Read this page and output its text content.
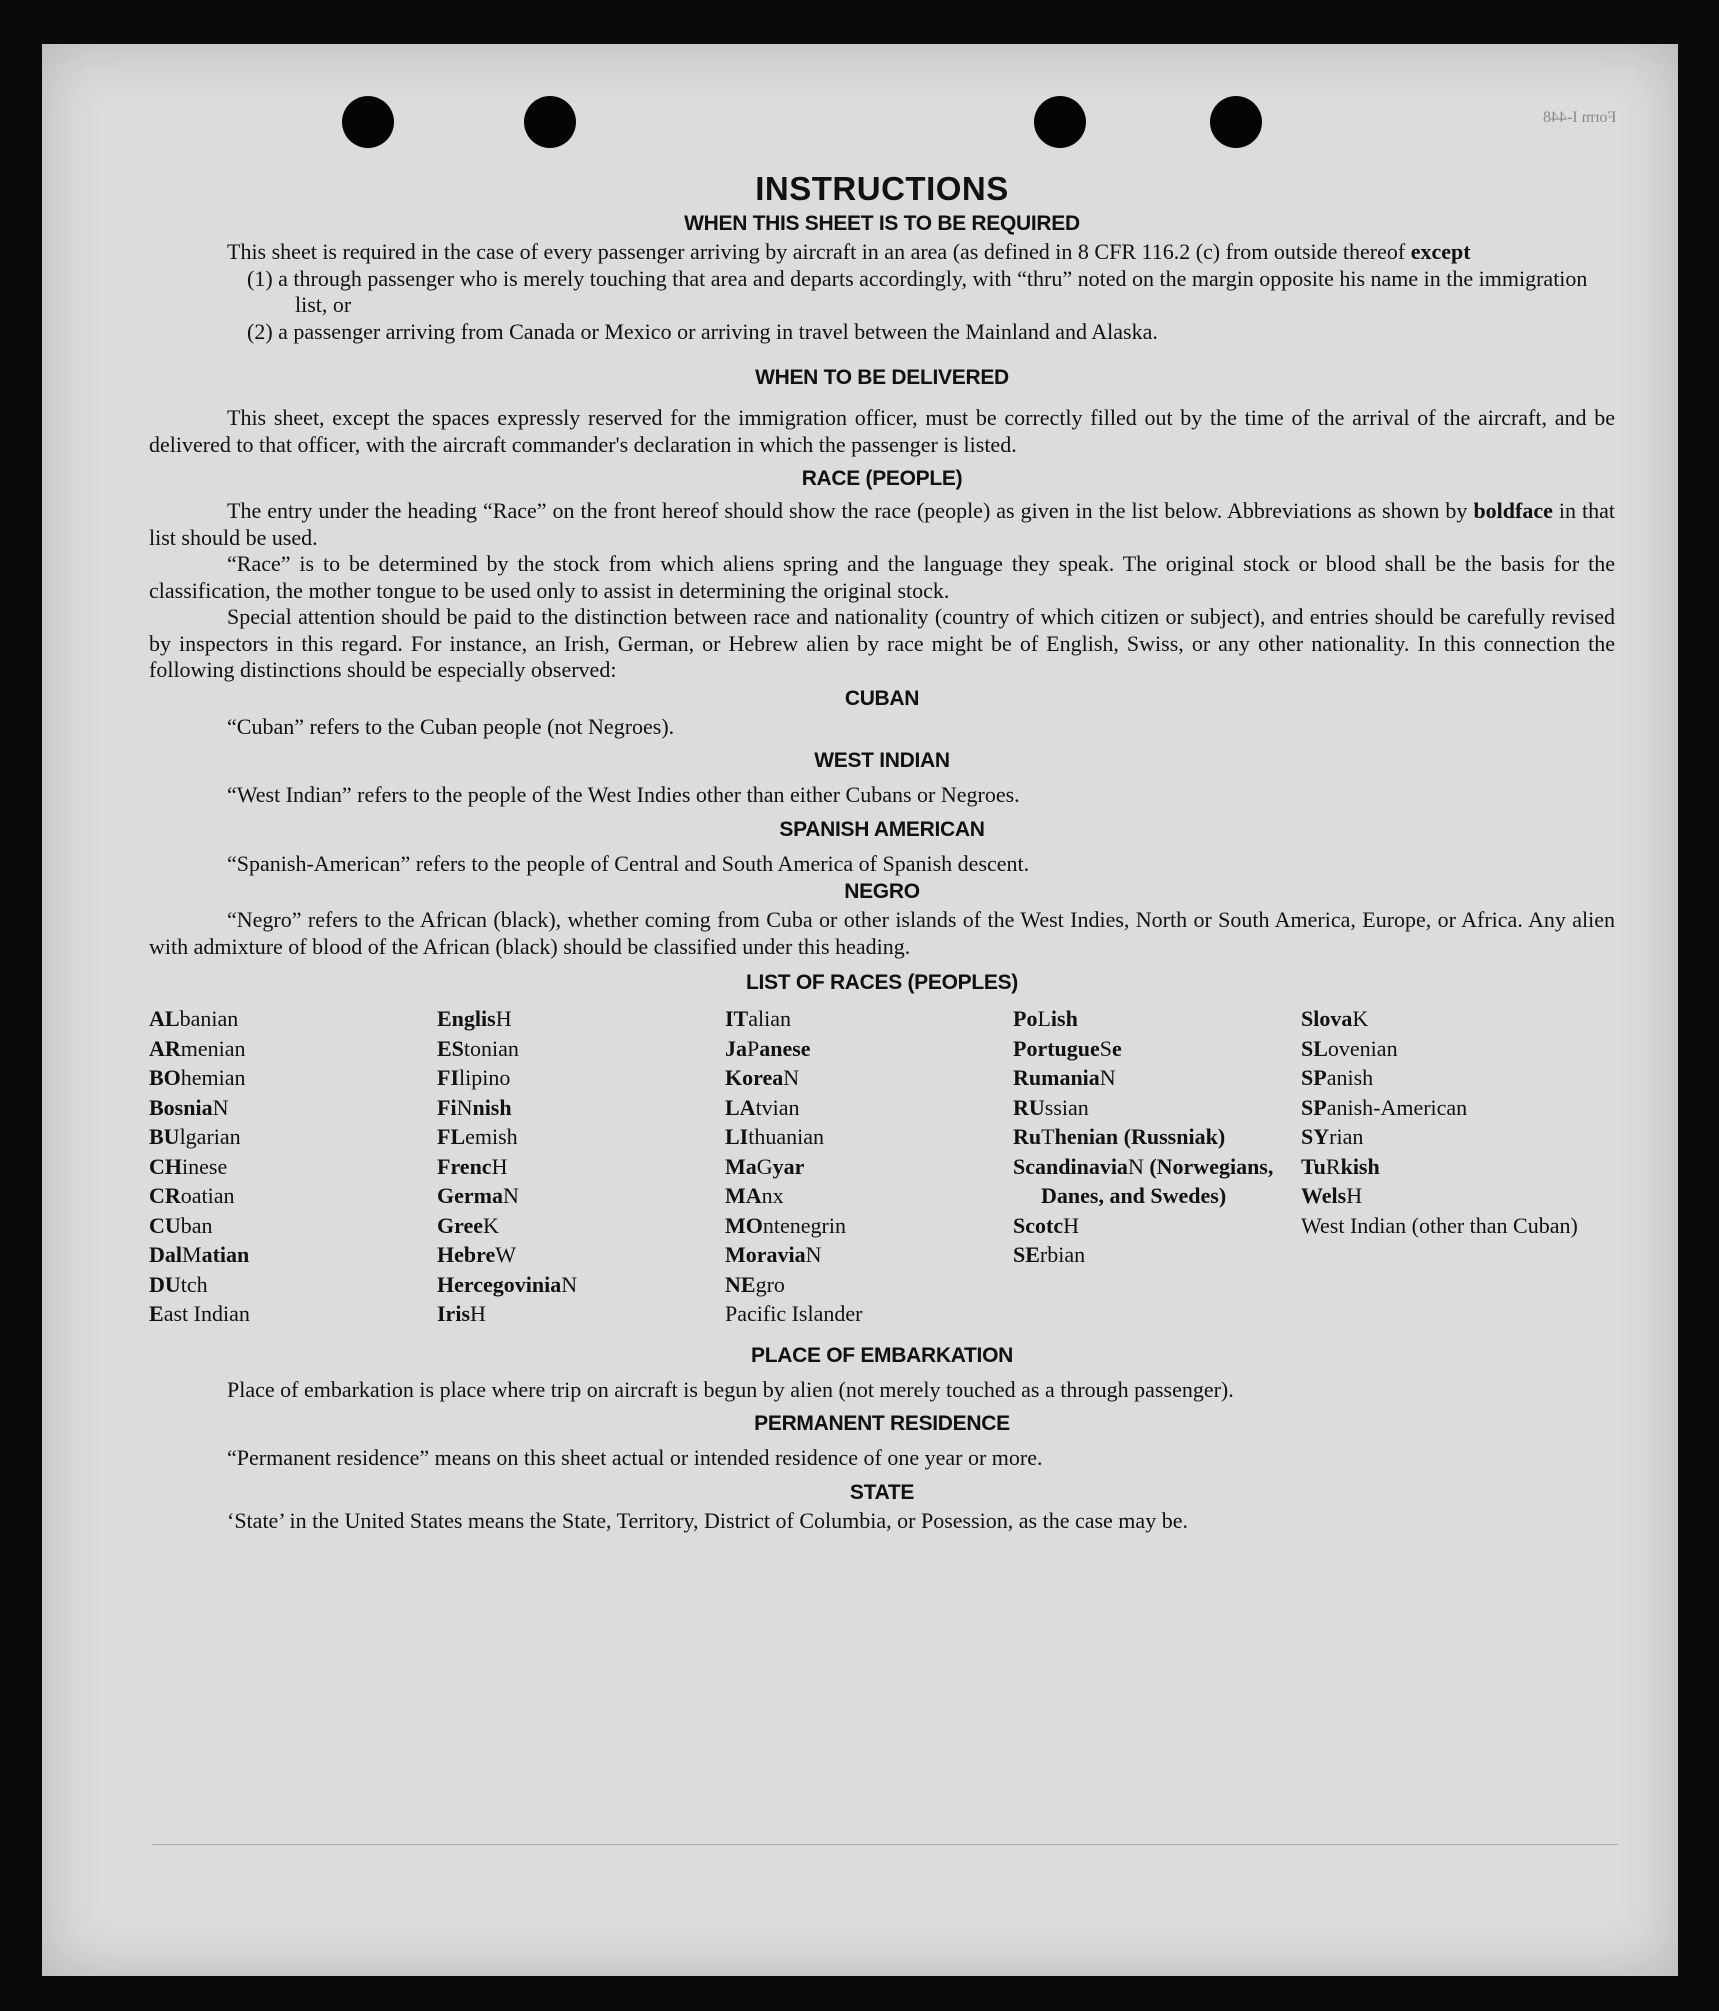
Form I-448
INSTRUCTIONS
WHEN THIS SHEET IS TO BE REQUIRED

This sheet is required in the case of every passenger arriving by aircraft in an area (as defined in 8 CFR 116.2 (c) from outside thereof except

(1) a through passenger who is merely touching that area and departs accordingly, with “thru” noted on the margin opposite his name in the immigration list, or
(2) a passenger arriving from Canada or Mexico or arriving in travel between the Mainland and Alaska.
WHEN TO BE DELIVERED

This sheet, except the spaces expressly reserved for the immigration officer, must be correctly filled out by the time of the arrival of the aircraft, and be delivered to that officer, with the aircraft commander's declaration in which the passenger is listed.

RACE (PEOPLE)

The entry under the heading “Race” on the front hereof should show the race (people) as given in the list below. Abbreviations as shown by boldface in that list should be used.

“Race” is to be determined by the stock from which aliens spring and the language they speak. The original stock or blood shall be the basis for the classification, the mother tongue to be used only to assist in determining the original stock.

Special attention should be paid to the distinction between race and nationality (country of which citizen or subject), and entries should be carefully revised by inspectors in this regard. For instance, an Irish, German, or Hebrew alien by race might be of English, Swiss, or any other nationality. In this connection the following distinctions should be especially observed:

CUBAN

“Cuban” refers to the Cuban people (not Negroes).

WEST INDIAN

“West Indian” refers to the people of the West Indies other than either Cubans or Negroes.

SPANISH AMERICAN

“Spanish-American” refers to the people of Central and South America of Spanish descent.

NEGRO

“Negro” refers to the African (black), whether coming from Cuba or other islands of the West Indies, North or South America, Europe, or Africa. Any alien with admixture of blood of the African (black) should be classified under this heading.

LIST OF RACES (PEOPLES)
ALbanian
ARmenian
BOhemian
BosniaN
BUlgarian
CHinese
CRoatian
CUban
DalMatian
DUtch
East Indian
EnglisH
EStonian
FIlipino
FiNnish
FLemish
FrencH
GermaN
GreeK
HebreW
HercegoviniaN
IrisH
ITalian
JaPanese
KoreaN
LAtvian
LIthuanian
MaGyar
MAnx
MOntenegrin
MoraviaN
NEgro
Pacific Islander
PoLish
PortugueSe
RumaniaN
RUssian
RuThenian (Russniak)
ScandinaviaN (Norwegians, Danes, and Swedes)
ScotcH
SErbian
SlovaK
SLovenian
SPanish
SPanish-American
SYrian
TuRkish
WelsH
West Indian (other than Cuban)
PLACE OF EMBARKATION

Place of embarkation is place where trip on aircraft is begun by alien (not merely touched as a through passenger).

PERMANENT RESIDENCE

“Permanent residence” means on this sheet actual or intended residence of one year or more.

STATE

‘State’ in the United States means the State, Territory, District of Columbia, or Posession, as the case may be.
